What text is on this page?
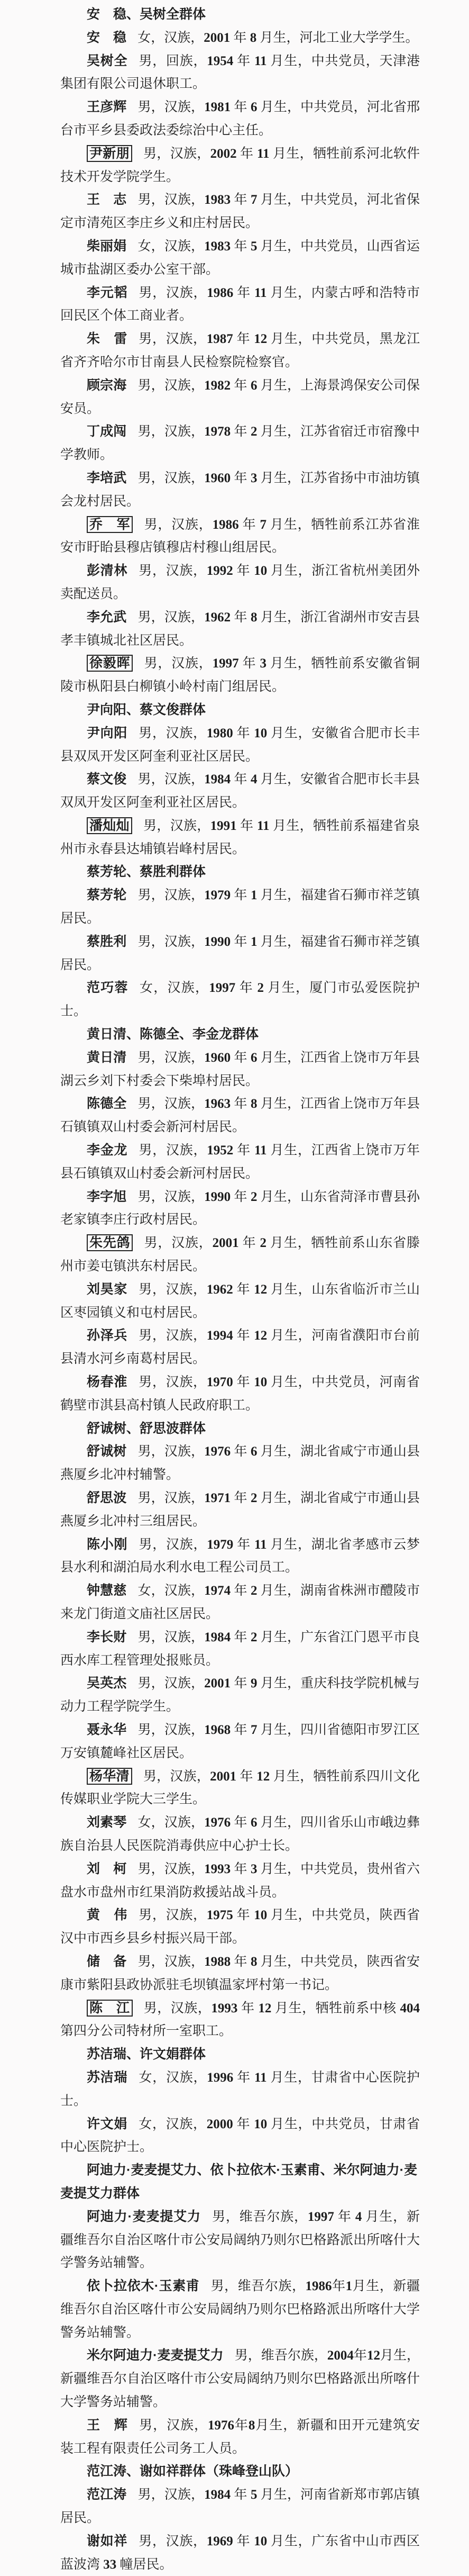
安　稳、吴树全群体

安　稳 女，汉族，2001 年 8 月生，河北工业大学学生。

吴树全 男，回族，1954 年 11 月生，中共党员，天津港集团有限公司退休职工。

王彦辉 男，汉族，1981 年 6 月生，中共党员，河北省邢台市平乡县委政法委综治中心主任。

尹新朋 男，汉族，2002 年 11 月生，牺牲前系河北软件技术开发学院学生。

王　志 男，汉族，1983 年 7 月生，中共党员，河北省保定市清苑区李庄乡义和庄村居民。

柴丽娟 女，汉族，1983 年 5 月生，中共党员，山西省运城市盐湖区委办公室干部。

李元韬 男，汉族，1986 年 11 月生，内蒙古呼和浩特市回民区个体工商业者。

朱　雷 男，汉族，1987 年 12 月生，中共党员，黑龙江省齐齐哈尔市甘南县人民检察院检察官。

顾宗海 男，汉族，1982 年 6 月生，上海景鸿保安公司保安员。

丁成闯 男，汉族，1978 年 2 月生，江苏省宿迁市宿豫中学教师。

李培武 男，汉族，1960 年 3 月生，江苏省扬中市油坊镇会龙村居民。

乔　军 男，汉族，1986 年 7 月生，牺牲前系江苏省淮安市盱眙县穆店镇穆店村穆山组居民。

彭清林 男，汉族，1992 年 10 月生，浙江省杭州美团外卖配送员。

李允武 男，汉族，1962 年 8 月生，浙江省湖州市安吉县孝丰镇城北社区居民。

徐毅晖 男，汉族，1997 年 3 月生，牺牲前系安徽省铜陵市枞阳县白柳镇小岭村南门组居民。

尹向阳、蔡文俊群体

尹向阳 男，汉族，1980 年 10 月生，安徽省合肥市长丰县双凤开发区阿奎利亚社区居民。

蔡文俊 男，汉族，1984 年 4 月生，安徽省合肥市长丰县双凤开发区阿奎利亚社区居民。

潘灿灿 男，汉族，1991 年 11 月生，牺牲前系福建省泉州市永春县达埔镇岩峰村居民。

蔡芳轮、蔡胜利群体

蔡芳轮 男，汉族，1979 年 1 月生，福建省石狮市祥芝镇居民。

蔡胜利 男，汉族，1990 年 1 月生，福建省石狮市祥芝镇居民。

范巧蓉 女，汉族，1997 年 2 月生，厦门市弘爱医院护士。

黄日清、陈德全、李金龙群体

黄日清 男，汉族，1960 年 6 月生，江西省上饶市万年县湖云乡刘下村委会下柴埠村居民。

陈德全 男，汉族，1963 年 8 月生，江西省上饶市万年县石镇镇双山村委会新河村居民。

李金龙 男，汉族，1952 年 11 月生，江西省上饶市万年县石镇镇双山村委会新河村居民。

李字旭 男，汉族，1990 年 2 月生，山东省菏泽市曹县孙老家镇李庄行政村居民。

朱先鸽 男，汉族，2001 年 2 月生，牺牲前系山东省滕州市姜屯镇洪东村居民。

刘昊家 男，汉族，1962 年 12 月生，山东省临沂市兰山区枣园镇义和屯村居民。

孙泽兵 男，汉族，1994 年 12 月生，河南省濮阳市台前县清水河乡南葛村居民。

杨春淮 男，汉族，1970 年 10 月生，中共党员，河南省鹤壁市淇县高村镇人民政府职工。

舒诚树、舒思波群体

舒诚树 男，汉族，1976 年 6 月生，湖北省咸宁市通山县燕厦乡北冲村辅警。

舒思波 男，汉族，1971 年 2 月生，湖北省咸宁市通山县燕厦乡北冲村三组居民。

陈小刚 男，汉族，1979 年 11 月生，湖北省孝感市云梦县水利和湖泊局水利水电工程公司员工。

钟慧慈 女，汉族，1974 年 2 月生，湖南省株洲市醴陵市来龙门街道文庙社区居民。

李长财 男，汉族，1984 年 2 月生，广东省江门恩平市良西水库工程管理处报账员。

吴英杰 男，汉族，2001 年 9 月生，重庆科技学院机械与动力工程学院学生。

聂永华 男，汉族，1968 年 7 月生，四川省德阳市罗江区万安镇麓峰社区居民。

杨华清 男，汉族，2001 年 12 月生，牺牲前系四川文化传媒职业学院大三学生。

刘素琴 女，汉族，1976 年 6 月生，四川省乐山市峨边彝族自治县人民医院消毒供应中心护士长。

刘　柯 男，汉族，1993 年 3 月生，中共党员，贵州省六盘水市盘州市红果消防救援站战斗员。

黄　伟 男，汉族，1975 年 10 月生，中共党员，陕西省汉中市西乡县乡村振兴局干部。

储　备 男，汉族，1988 年 8 月生，中共党员，陕西省安康市紫阳县政协派驻毛坝镇温家坪村第一书记。

陈　江 男，汉族，1993 年 12 月生，牺牲前系中核 404 第四分公司特材所一室职工。

苏洁瑞、许文娟群体

苏洁瑞 女，汉族，1996 年 11 月生，甘肃省中心医院护士。

许文娟 女，汉族，2000 年 10 月生，中共党员，甘肃省中心医院护士。

阿迪力·麦麦提艾力、依卜拉依木·玉素甫、米尔阿迪力·麦麦提艾力群体

阿迪力·麦麦提艾力 男，维吾尔族，1997 年 4 月生，新疆维吾尔自治区喀什市公安局阔纳乃则尔巴格路派出所喀什大学警务站辅警。

依卜拉依木·玉素甫 男，维吾尔族，1986年1月生，新疆维吾尔自治区喀什市公安局阔纳乃则尔巴格路派出所喀什大学警务站辅警。

米尔阿迪力·麦麦提艾力 男，维吾尔族，2004年12月生，新疆维吾尔自治区喀什市公安局阔纳乃则尔巴格路派出所喀什大学警务站辅警。

王　辉 男，汉族，1976年8月生，新疆和田开元建筑安装工程有限责任公司务工人员。

范江涛、谢如祥群体（珠峰登山队）

范江涛 男，汉族，1984 年 5 月生，河南省新郑市郭店镇居民。

谢如祥 男，汉族，1969 年 10 月生，广东省中山市西区蓝波湾 33 幢居民。
